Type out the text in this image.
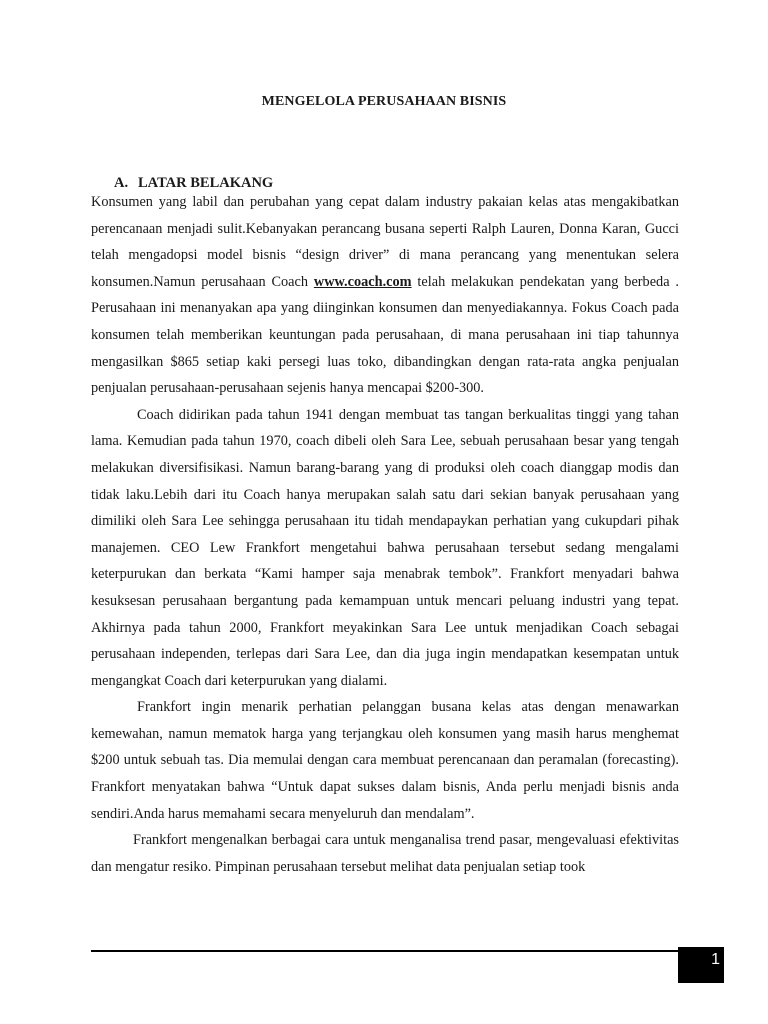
MENGELOLA PERUSAHAAN BISNIS
A. LATAR BELAKANG

Konsumen yang labil dan perubahan yang cepat dalam industry pakaian kelas atas mengakibatkan perencanaan menjadi sulit.Kebanyakan perancang busana seperti Ralph Lauren, Donna Karan, Gucci telah mengadopsi model bisnis “design driver” di mana perancang yang menentukan selera konsumen.Namun perusahaan Coach www.coach.com telah melakukan pendekatan yang berbeda . Perusahaan ini menanyakan apa yang diinginkan konsumen dan menyediakannya. Fokus Coach pada konsumen telah memberikan keuntungan pada perusahaan, di mana perusahaan ini tiap tahunnya mengasilkan $865 setiap kaki persegi luas toko, dibandingkan dengan rata-rata angka penjualan penjualan perusahaan-perusahaan sejenis hanya mencapai $200-300.

Coach didirikan pada tahun 1941 dengan membuat tas tangan berkualitas tinggi yang tahan lama. Kemudian pada tahun 1970, coach dibeli oleh Sara Lee, sebuah perusahaan besar yang tengah melakukan diversifisikasi. Namun barang-barang yang di produksi oleh coach dianggap modis dan tidak laku.Lebih dari itu Coach hanya merupakan salah satu dari sekian banyak perusahaan yang dimiliki oleh Sara Lee sehingga perusahaan itu tidah mendapaykan perhatian yang cukupdari pihak manajemen. CEO Lew Frankfort mengetahui bahwa perusahaan tersebut sedang mengalami keterpurukan dan berkata “Kami hamper saja menabrak tembok”. Frankfort menyadari bahwa kesuksesan perusahaan bergantung pada kemampuan untuk mencari peluang industri yang tepat. Akhirnya pada tahun 2000, Frankfort meyakinkan Sara Lee untuk menjadikan Coach sebagai perusahaan independen, terlepas dari Sara Lee, dan dia juga ingin mendapatkan kesempatan untuk mengangkat Coach dari keterpurukan yang dialami.

Frankfort ingin menarik perhatian pelanggan busana kelas atas dengan menawarkan kemewahan, namun mematok harga yang terjangkau oleh konsumen yang masih harus menghemat $200 untuk sebuah tas. Dia memulai dengan cara membuat perencanaan dan peramalan (forecasting). Frankfort menyatakan bahwa “Untuk dapat sukses dalam bisnis, Anda perlu menjadi bisnis anda sendiri.Anda harus memahami secara menyeluruh dan mendalam”.

Frankfort mengenalkan berbagai cara untuk menganalisa trend pasar, mengevaluasi efektivitas dan mengatur resiko. Pimpinan perusahaan tersebut melihat data penjualan setiap took

1
